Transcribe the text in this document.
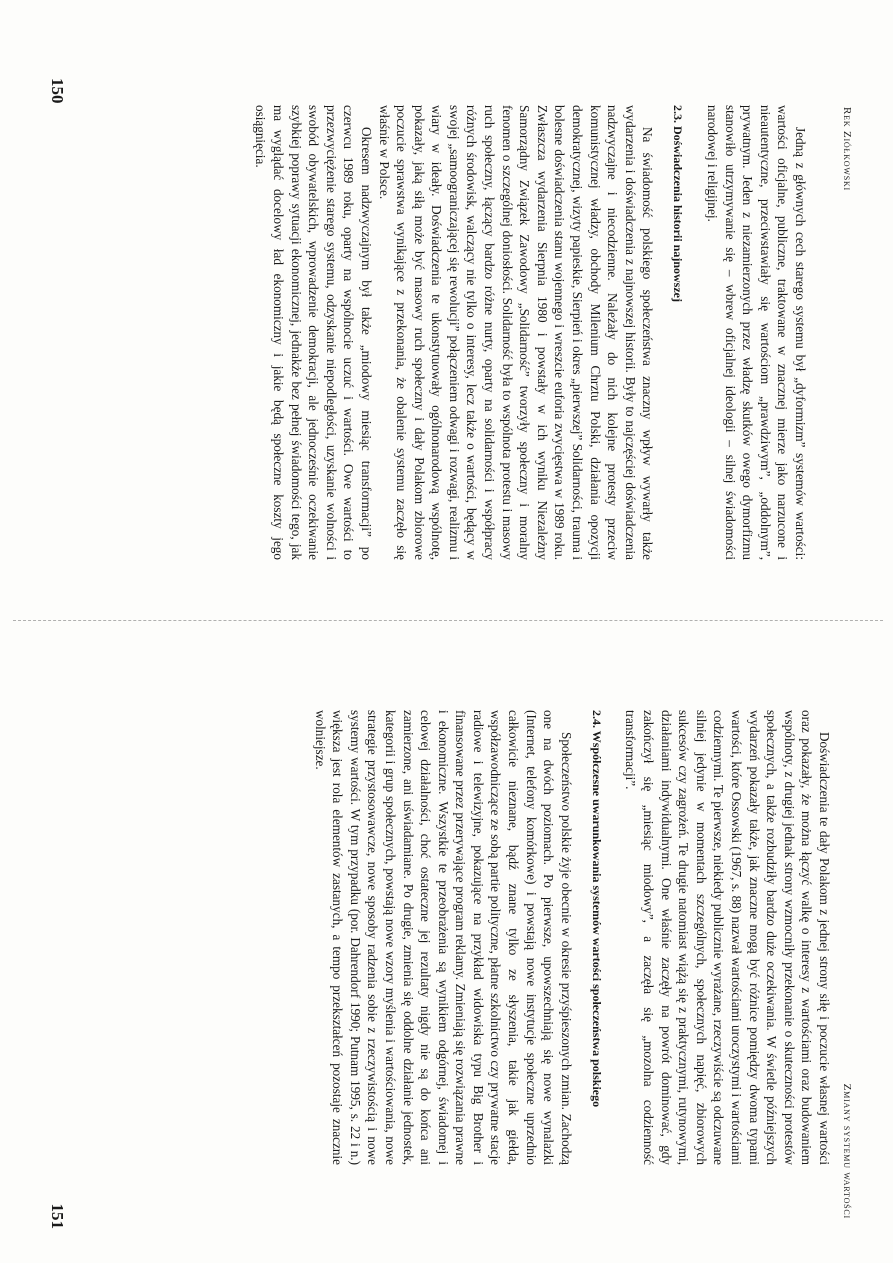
Rek Ziółkowski

Jedną z głównych cech starego systemu był „dyformizm” systemów wartości: wartości oficjalne, publiczne, traktowane w znacznej mierze jako narzucone i nieautentyczne, przeciwstawiały się wartościom „prawdziwym”, „oddolnym”, prywatnym. Jeden z niezamierzonych przez władzę skutków owego dymorfizmu stanowiło utrzymywanie się – wbrew oficjalnej ideologii – silnej świadomości narodowej i religijnej.

2.3. Doświadczenia historii najnowszej

Na świadomość polskiego społeczeństwa znaczny wpływ wywarły także wydarzenia i doświadczenia z najnowszej historii. Były to najczęściej doświadczenia nadzwyczajne i niecodzienne. Należały do nich kolejne protesty przeciw komunistycznej władzy, obchody Milenium Chrztu Polski, działania opozycji demokratycznej, wizyty papieskie, Sierpień i okres „pierwszej” Solidarności, trauma i bolesne doświadczenia stanu wojennego i wreszcie euforia zwycięstwa w 1989 roku. Zwłaszcza wydarzenia Sierpnia 1980 i powstały w ich wyniku Niezależny Samorządny Związek Zawodowy „Solidarność” tworzyły społeczny i moralny fenomen o szczególnej doniosłości. Solidarność była to wspólnota protestu i masowy ruch społeczny, łączący bardzo różne nurty, oparty na solidarności i współpracy różnych środowisk, walczący nie tylko o interesy, lecz także o wartości, będący w swojej „samoograniczającej się rewolucji” połączeniem odwagi i rozwagi, realizmu i wiary w ideały. Doświadczenia te ukonstytuowały ogólnonarodową wspólnotę, pokazały, jaką siłą może być masowy ruch społeczny i dały Polakom zbiorowe poczucie sprawstwa wynikające z przekonania, że obalenie systemu zaczęło się właśnie w Polsce.

Okresem nadzwyczajnym był także „miodowy miesiąc transformacji” po czerwcu 1989 roku, oparty na wspólnocie uczuć i wartości. Owe wartości to przezwyciężenie starego systemu, odzyskanie niepodległości, uzyskanie wolności i swobód obywatelskich, wprowadzenie demokracji, ale jednocześnie oczekiwanie szybkiej poprawy sytuacji ekonomicznej, jednakże bez pełnej świadomości tego, jak ma wyglądać docelowy ład ekonomiczny i jakie będą społeczne koszty jego osiągnięcia.

150
Zmiany systemu wartości

Doświadczenia te dały Polakom z jednej strony siłę i poczucie własnej wartości oraz pokazały, że można łączyć walkę o interesy z wartościami oraz budowaniem wspólnoty, z drugiej jednak strony wzmocniły przekonanie o skuteczności protestów społecznych, a także rozbudziły bardzo duże oczekiwania. W świetle późniejszych wydarzeń pokazały także, jak znaczne mogą być różnice pomiędzy dwoma typami wartości, które Ossowski (1967, s. 88) nazwał wartościami uroczystymi i wartościami codziennymi. Te pierwsze, niekiedy publicznie wyrażane, rzeczywiście są odczuwane silniej jedynie w momentach szczególnych, społecznych napięć, zbiorowych sukcesów czy zagrożeń. Te drugie natomiast wiążą się z praktycznymi, rutynowymi, działaniami indywidualnymi. One właśnie zaczęły na powrót dominować, gdy zakończył się „miesiąc miodowy”, a zaczęła się „mozolna codzienność transformacji”.

2.4. Współczesne uwarunkowania systemów wartości społeczeństwa polskiego

Społeczeństwo polskie żyje obecnie w okresie przyśpieszonych zmian. Zachodzą one na dwóch poziomach. Po pierwsze, upowszechniają się nowe wynalazki (Internet, telefony komórkowe) i powstają nowe instytucje społeczne uprzednio całkowicie nieznane, bądź znane tylko ze słyszenia, takie jak giełda, współzawodniczące ze sobą partie polityczne, płatne szkolnictwo czy prywatne stacje radiowe i telewizyjne, pokazujące na przykład widowiska typu Big Brother i finansowane przez przerywające program reklamy. Zmieniają się rozwiązania prawne i ekonomiczne. Wszystkie te przeobrażenia są wynikiem odgórnej, świadomej i celowej działalności, choć ostateczne jej rezultaty nigdy nie są do końca ani zamierzone, ani uświadamiane. Po drugie, zmienia się oddolne działanie jednostek, kategorii i grup społecznych, powstają nowe wzory myślenia i wartościowania, nowe strategie przystosowawcze, nowe sposoby radzenia sobie z rzeczywistością i nowe systemy wartości. W tym przypadku (por. Dahrendorf 1990; Putnam 1995, s. 22 i n.) większa jest rola elementów zastanych, a tempo przekształceń pozostaje znacznie wolniejsze.

151
